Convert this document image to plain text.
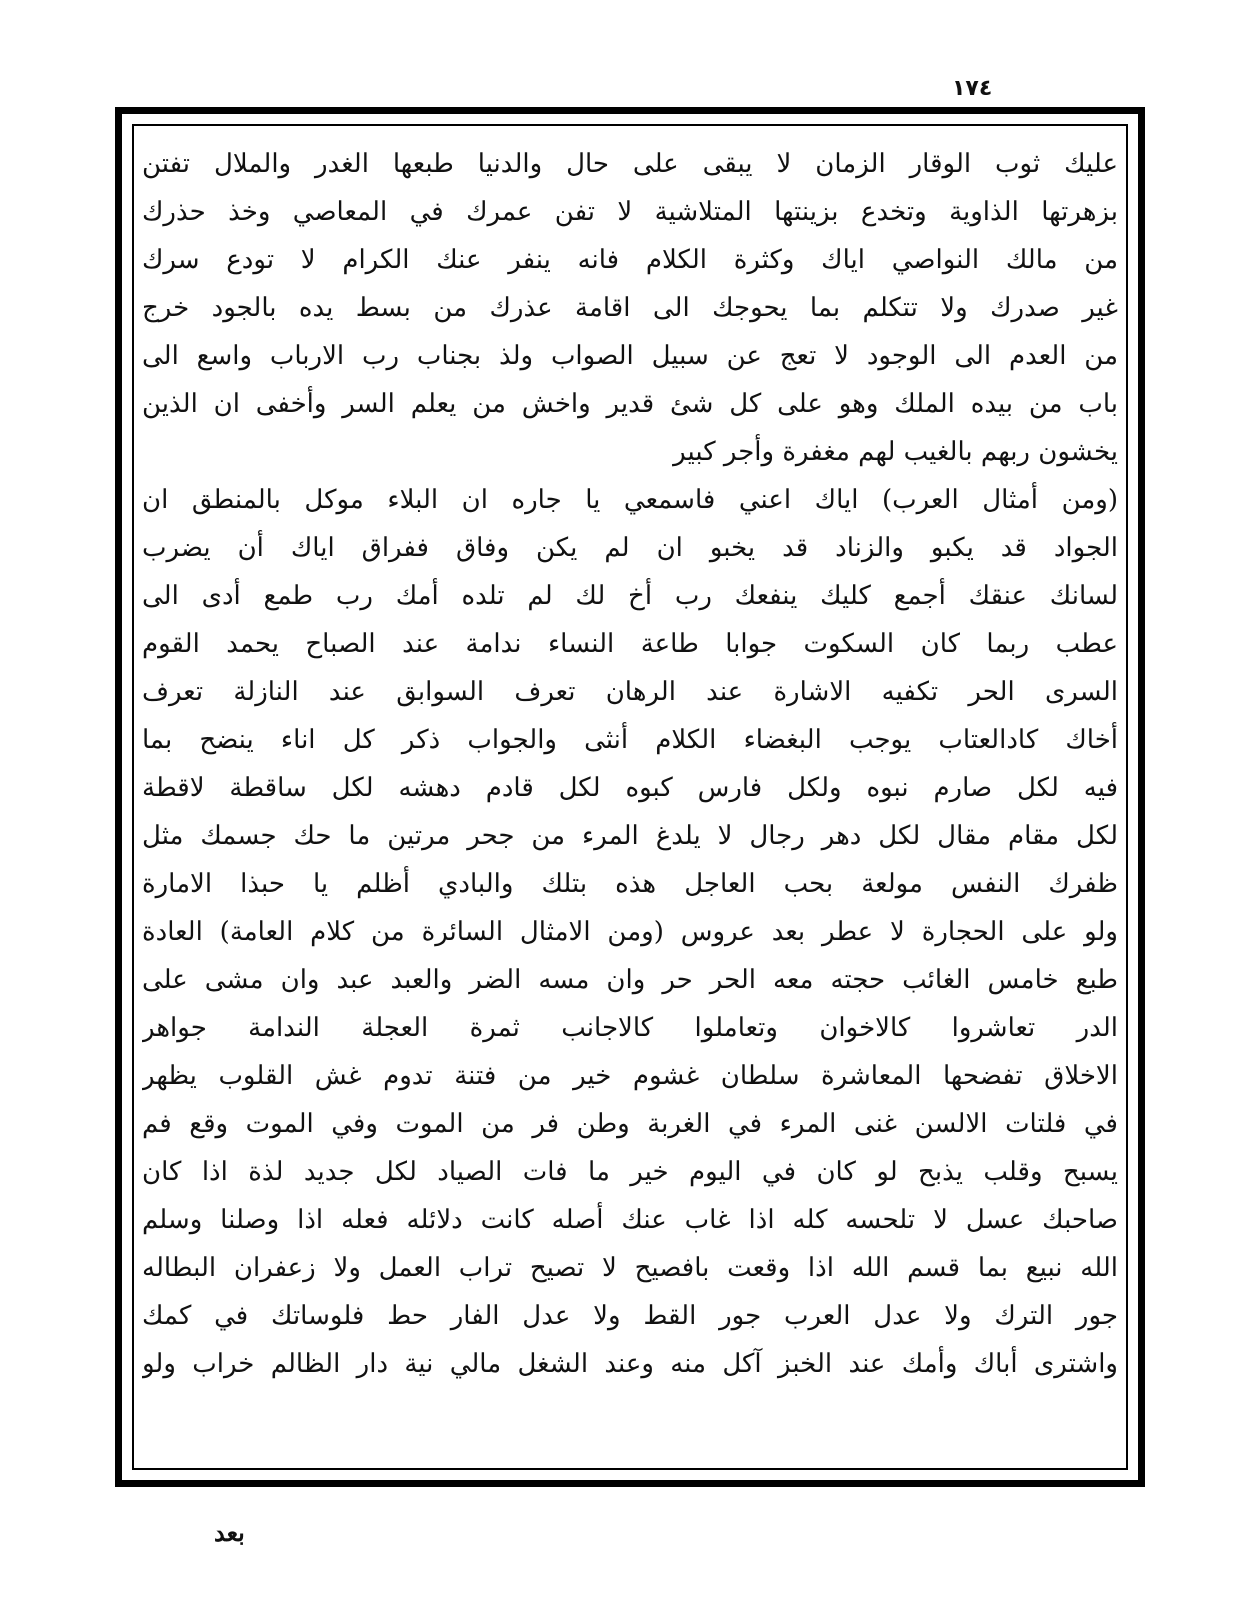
١٧٤
عليك ثوب الوقار الزمان لا يبقى على حال والدنيا طبعها الغدر والملال تفتن
بزهرتها الذاوية وتخدع بزينتها المتلاشية لا تفن عمرك في المعاصي وخذ حذرك
من مالك النواصي اياك وكثرة الكلام فانه ينفر عنك الكرام لا تودع سرك
غير صدرك ولا تتكلم بما يحوجك الى اقامة عذرك من بسط يده بالجود خرج
من العدم الى الوجود لا تعج عن سبيل الصواب ولذ بجناب رب الارباب واسع الى
باب من بيده الملك وهو على كل شئ قدير واخش من يعلم السر وأخفى ان الذين
يخشون ربهم بالغيب لهم مغفرة وأجر كبير
(ومن أمثال العرب) اياك اعني فاسمعي يا جاره ان البلاء موكل بالمنطق ان
الجواد قد يكبو والزناد قد يخبو ان لم يكن وفاق ففراق اياك أن يضرب
لسانك عنقك أجمع كليك ينفعك رب أخ لك لم تلده أمك رب طمع أدى الى
عطب ربما كان السكوت جوابا طاعة النساء ندامة عند الصباح يحمد القوم
السرى الحر تكفيه الاشارة عند الرهان تعرف السوابق عند النازلة تعرف
أخاك كادالعتاب يوجب البغضاء الكلام أنثى والجواب ذكر كل اناء ينضح بما
فيه لكل صارم نبوه ولكل فارس كبوه لكل قادم دهشه لكل ساقطة لاقطة
لكل مقام مقال لكل دهر رجال لا يلدغ المرء من جحر مرتين ما حك جسمك مثل
ظفرك النفس مولعة بحب العاجل هذه بتلك والبادي أظلم يا حبذا الامارة
ولو على الحجارة لا عطر بعد عروس (ومن الامثال السائرة من كلام العامة) العادة
طبع خامس الغائب حجته معه الحر حر وان مسه الضر والعبد عبد وان مشى على
الدر تعاشروا كالاخوان وتعاملوا كالاجانب ثمرة العجلة الندامة جواهر
الاخلاق تفضحها المعاشرة سلطان غشوم خير من فتنة تدوم غش القلوب يظهر
في فلتات الالسن غنى المرء في الغربة وطن فر من الموت وفي الموت وقع فم
يسبح وقلب يذبح لو كان في اليوم خير ما فات الصياد لكل جديد لذة اذا كان
صاحبك عسل لا تلحسه كله اذا غاب عنك أصله كانت دلائله فعله اذا وصلنا وسلم
الله نبيع بما قسم الله اذا وقعت بافصيح لا تصيح تراب العمل ولا زعفران البطاله
جور الترك ولا عدل العرب جور القط ولا عدل الفار حط فلوساتك في كمك
واشترى أباك وأمك عند الخبز آكل منه وعند الشغل مالي نية دار الظالم خراب ولو
بعد
